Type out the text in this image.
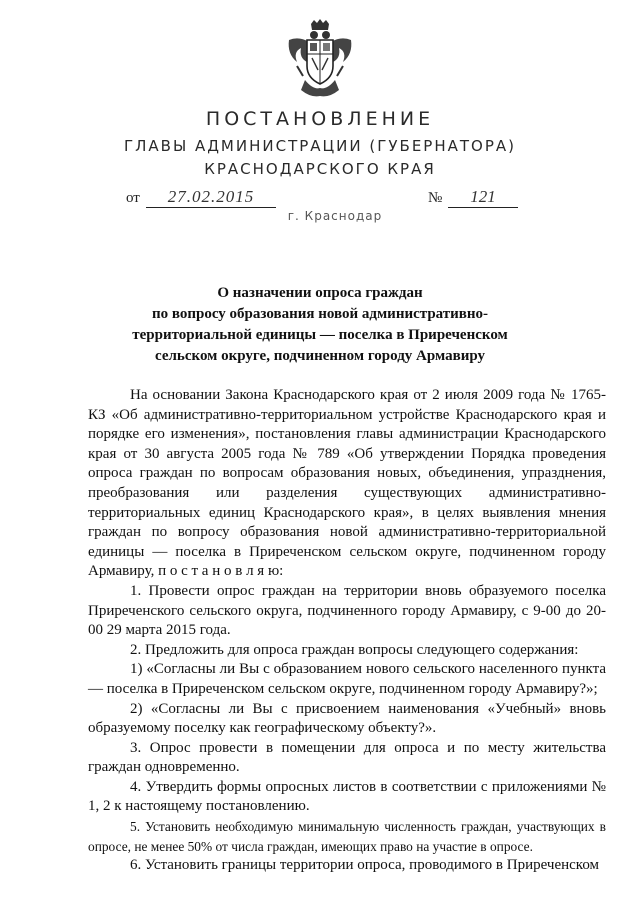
ПОСТАНОВЛЕНИЕ
ГЛАВЫ АДМИНИСТРАЦИИ (ГУБЕРНАТОРА)
КРАСНОДАРСКОГО КРАЯ
от	27.02.2015	№	121
г. Краснодар
О назначении опроса граждан
по вопросу образования новой административно-
территориальной единицы — поселка в Приреченском
сельском округе, подчиненном городу Армавиру

На основании Закона Краснодарского края от 2 июля 2009 года № 1765-КЗ «Об административно-территориальном устройстве Краснодарского края и порядке его изменения», постановления главы администрации Краснодарского края от 30 августа 2005 года № 789 «Об утверждении Порядка проведения опроса граждан по вопросам образования новых, объединения, упразднения, преобразования или разделения существующих административно-территориальных единиц Краснодарского края», в целях выявления мнения граждан по вопросу образования новой административно-территориальной единицы — поселка в Приреченском сельском округе, подчиненном городу Армавиру, п о с т а н о в л я ю:

1. Провести опрос граждан на территории вновь образуемого поселка Приреченского сельского округа, подчиненного городу Армавиру, с 9-00 до 20-00 29 марта 2015 года.

2. Предложить для опроса граждан вопросы следующего содержания:

1) «Согласны ли Вы с образованием нового сельского населенного пункта — поселка в Приреченском сельском округе, подчиненном городу Армавиру?»;

2) «Согласны ли Вы с присвоением наименования «Учебный» вновь образуемому поселку как географическому объекту?».

3. Опрос провести в помещении для опроса и по месту жительства граждан одновременно.

4. Утвердить формы опросных листов в соответствии с приложениями № 1, 2 к настоящему постановлению.

5. Установить необходимую минимальную численность граждан, участвующих в опросе, не менее 50% от числа граждан, имеющих право на участие в опросе.

6. Установить границы территории опроса, проводимого в Приреченском
